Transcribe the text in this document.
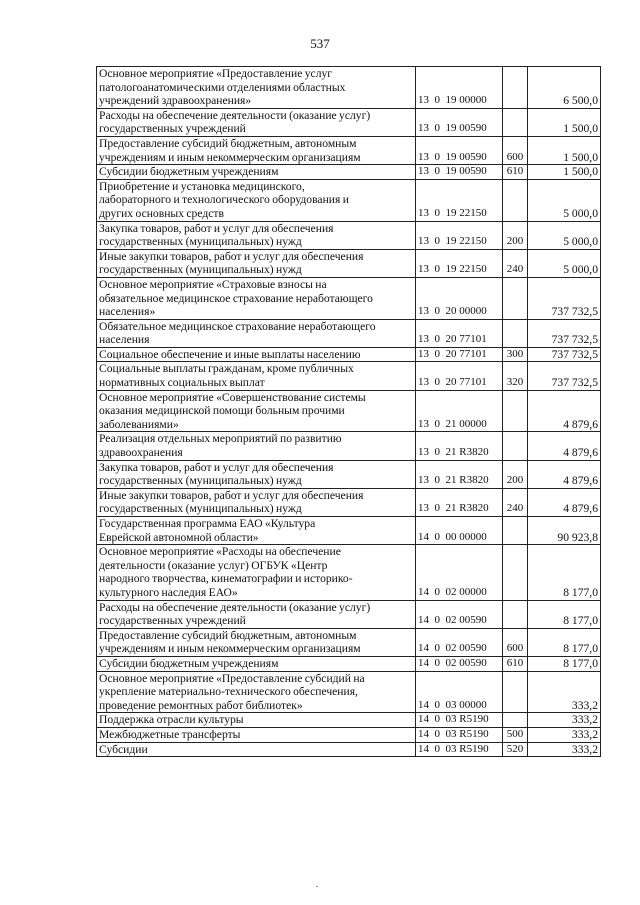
537
Основное мероприятие «Предоставление услуг
патологоанатомическими отделениями областных
учреждений здравоохранения»	13  0  19 00000		6 500,0

Расходы на обеспечение деятельности (оказание услуг)
государственных учреждений	13  0  19 00590		1 500,0

Предоставление субсидий бюджетным, автономным
учреждениям и иным некоммерческим организациям	13  0  19 00590	600	1 500,0

Субсидии бюджетным учреждениям	13  0  19 00590	610	1 500,0

Приобретение и установка медицинского,
лабораторного и технологического оборудования и
других основных средств	13  0  19 22150		5 000,0

Закупка товаров, работ и услуг для обеспечения
государственных (муниципальных) нужд	13  0  19 22150	200	5 000,0

Иные закупки товаров, работ и услуг для обеспечения
государственных (муниципальных) нужд	13  0  19 22150	240	5 000,0

Основное мероприятие «Страховые взносы на
обязательное медицинское страхование неработающего
населения»	13  0  20 00000		737 732,5

Обязательное медицинское страхование неработающего
населения	13  0  20 77101		737 732,5

Социальное обеспечение и иные выплаты населению	13  0  20 77101	300	737 732,5

Социальные выплаты гражданам, кроме публичных
нормативных социальных выплат	13  0  20 77101	320	737 732,5

Основное мероприятие «Совершенствование системы
оказания медицинской помощи больным прочими
заболеваниями»	13  0  21 00000		4 879,6

Реализация отдельных мероприятий по развитию
здравоохранения	13  0  21 R3820		4 879,6

Закупка товаров, работ и услуг для обеспечения
государственных (муниципальных) нужд	13  0  21 R3820	200	4 879,6

Иные закупки товаров, работ и услуг для обеспечения
государственных (муниципальных) нужд	13  0  21 R3820	240	4 879,6

Государственная программа ЕАО «Культура
Еврейской автономной области»	14  0  00 00000		90 923,8

Основное мероприятие «Расходы на обеспечение
деятельности (оказание услуг) ОГБУК «Центр
народного творчества, кинематографии и историко-
культурного наследия ЕАО»	14  0  02 00000		8 177,0

Расходы на обеспечение деятельности (оказание услуг)
государственных учреждений	14  0  02 00590		8 177,0

Предоставление субсидий бюджетным, автономным
учреждениям и иным некоммерческим организациям	14  0  02 00590	600	8 177,0

Субсидии бюджетным учреждениям	14  0  02 00590	610	8 177,0

Основное мероприятие «Предоставление субсидий на
укрепление материально-технического обеспечения,
проведение ремонтных работ библиотек»	14  0  03 00000		333,2

Поддержка отрасли культуры	14  0  03 R5190		333,2

Межбюджетные трансферты	14  0  03 R5190	500	333,2

Субсидии	14  0  03 R5190	520	333,2
